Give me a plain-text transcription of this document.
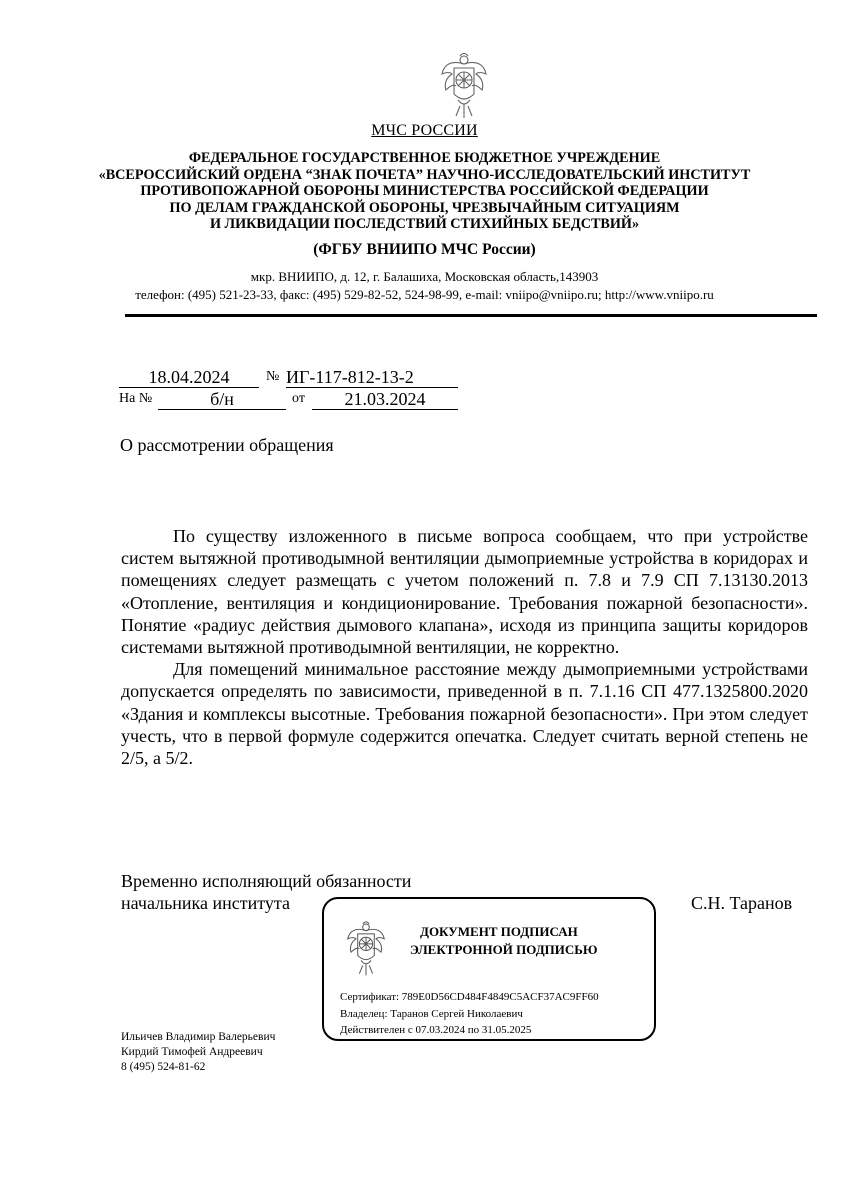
МЧС РОССИИ
ФЕДЕРАЛЬНОЕ ГОСУДАРСТВЕННОЕ БЮДЖЕТНОЕ УЧРЕЖДЕНИЕ
«ВСЕРОССИЙСКИЙ ОРДЕНА “ЗНАК ПОЧЕТА” НАУЧНО-ИССЛЕДОВАТЕЛЬСКИЙ ИНСТИТУТ
ПРОТИВОПОЖАРНОЙ ОБОРОНЫ МИНИСТЕРСТВА РОССИЙСКОЙ ФЕДЕРАЦИИ
ПО ДЕЛАМ ГРАЖДАНСКОЙ ОБОРОНЫ, ЧРЕЗВЫЧАЙНЫМ СИТУАЦИЯМ
И ЛИКВИДАЦИИ ПОСЛЕДСТВИЙ СТИХИЙНЫХ БЕДСТВИЙ»
(ФГБУ ВНИИПО МЧС России)
мкр. ВНИИПО, д. 12, г. Балашиха, Московская область,143903
телефон: (495) 521-23-33, факс: (495) 529-82-52, 524-98-99, e-mail: vniipo@vniipo.ru; http://www.vniipo.ru
18.04.2024	№ ИГ-117-812-13-2
На №	б/н	от	21.03.2024
О рассмотрении обращения

По существу изложенного в письме вопроса сообщаем, что при устройстве систем вытяжной противодымной вентиляции дымоприемные устройства в коридорах и помещениях следует размещать с учетом положений п. 7.8 и 7.9 СП 7.13130.2013 «Отопление, вентиляция и кондиционирование. Требования пожарной безопасности». Понятие «радиус действия дымового клапана», исходя из принципа защиты коридоров системами вытяжной противодымной вентиляции, не корректно.

Для помещений минимальное расстояние между дымоприемными устройствами допускается определять по зависимости, приведенной в п. 7.1.16 СП 477.1325800.2020 «Здания и комплексы высотные. Требования пожарной безопасности». При этом следует учесть, что в первой формуле содержится опечатка. Следует считать верной степень не 2/5, а 5/2.

Временно исполняющий обязанности
начальника института	С.Н. Таранов
ДОКУМЕНТ ПОДПИСАН
ЭЛЕКТРОННОЙ ПОДПИСЬЮ
Сертификат: 789E0D56CD484F4849C5ACF37AC9FF60
Владелец: Таранов Сергей Николаевич
Действителен с 07.03.2024 по 31.05.2025
Ильичев Владимир Валерьевич
Кирдий Тимофей Андреевич
8 (495) 524-81-62
